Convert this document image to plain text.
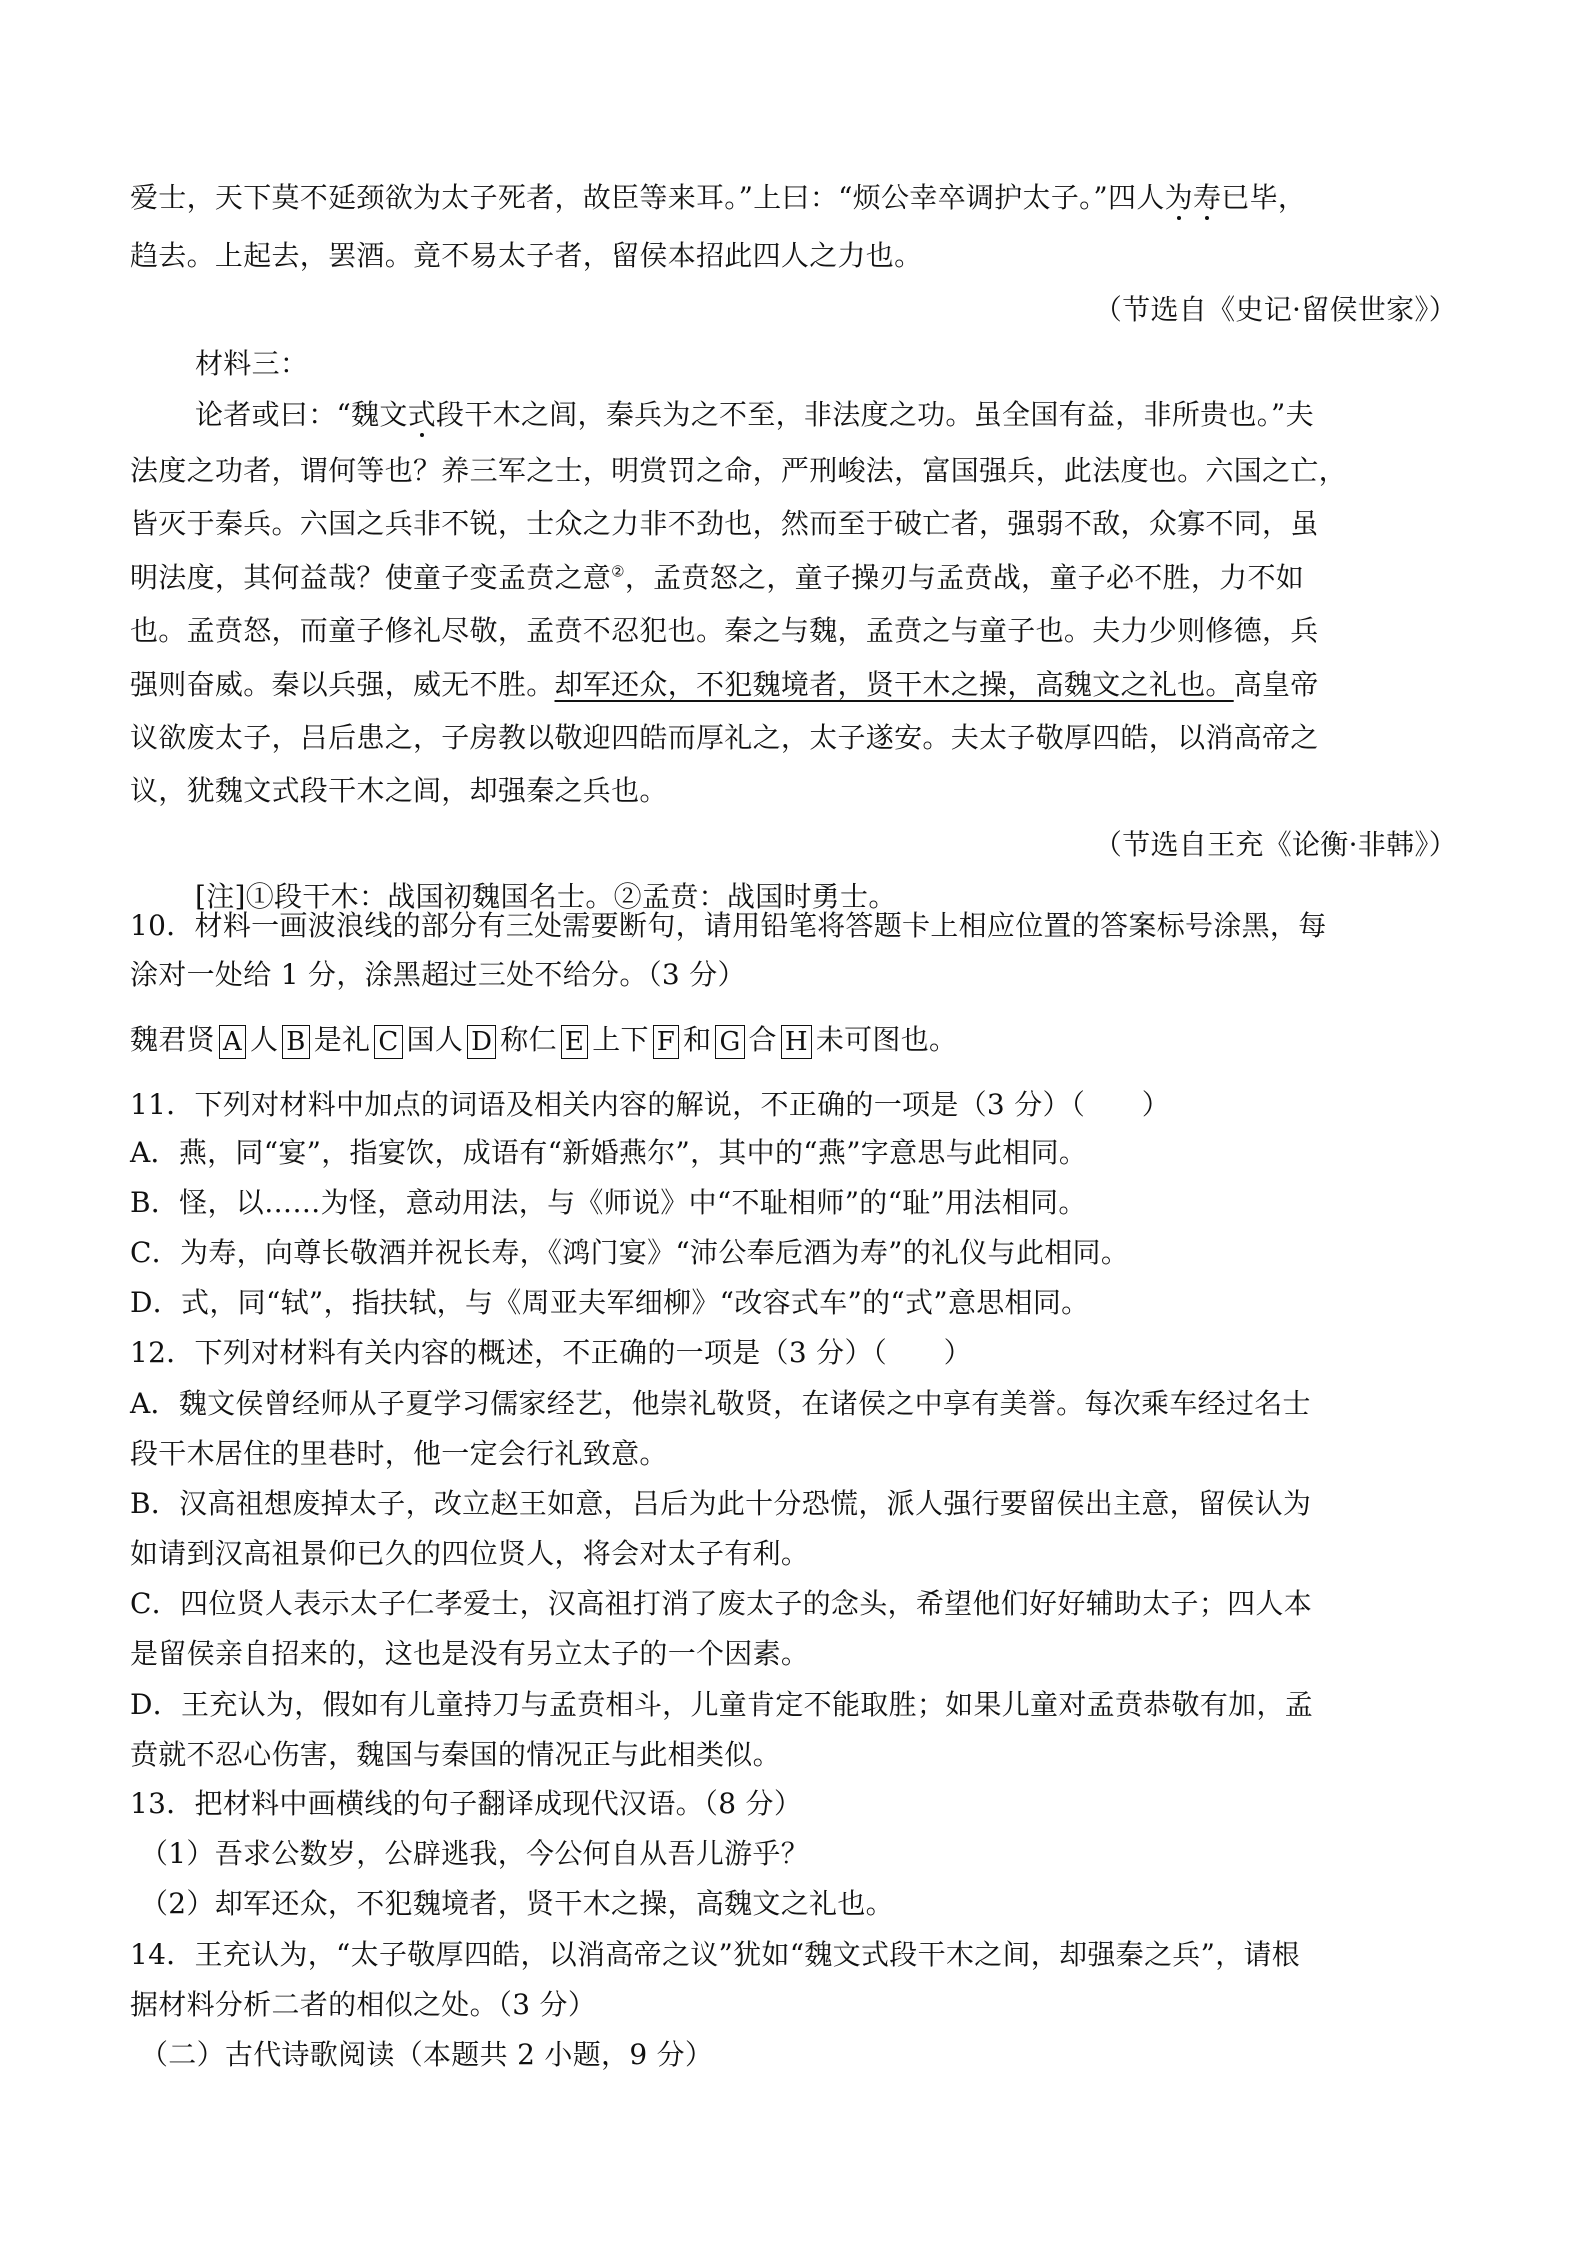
爱士，天下莫不延颈欲为太子死者，故臣等来耳。”上曰：“烦公幸卒调护太子。”四人为寿已毕，
趋去。上起去，罢酒。竟不易太子者，留侯本招此四人之力也。
（节选自《史记·留侯世家》）
材料三：
论者或曰：“魏文式段干木之闾，秦兵为之不至，非法度之功。虽全国有益，非所贵也。”夫
法度之功者，谓何等也？养三军之士，明赏罚之命，严刑峻法，富国强兵，此法度也。六国之亡，
皆灭于秦兵。六国之兵非不锐，士众之力非不劲也，然而至于破亡者，强弱不敌，众寡不同，虽
明法度，其何益哉？使童子变孟贲之意②，孟贲怒之，童子操刃与孟贲战，童子必不胜，力不如
也。孟贲怒，而童子修礼尽敬，孟贲不忍犯也。秦之与魏，孟贲之与童子也。夫力少则修德，兵
强则奋威。秦以兵强，威无不胜。却军还众，不犯魏境者，贤干木之操，高魏文之礼也。高皇帝
议欲废太子，吕后患之，子房教以敬迎四皓而厚礼之，太子遂安。夫太子敬厚四皓，以消高帝之
议，犹魏文式段干木之闾，却强秦之兵也。
（节选自王充《论衡·非韩》）
[注]①段干木：战国初魏国名士。②孟贲：战国时勇士。
10．材料一画波浪线的部分有三处需要断句，请用铅笔将答题卡上相应位置的答案标号涂黑，每
涂对一处给 1 分，涂黑超过三处不给分。（3 分）
魏君贤 A 人 B 是礼 C 国人 D 称仁 E 上下 F 和 G 合 H 未可图也。
11．下列对材料中加点的词语及相关内容的解说，不正确的一项是（3 分）（　　）
A．燕，同“宴”，指宴饮，成语有“新婚燕尔”，其中的“燕”字意思与此相同。
B．怪，以……为怪，意动用法，与《师说》中“不耻相师”的“耻”用法相同。
C．为寿，向尊长敬酒并祝长寿，《鸿门宴》“沛公奉卮酒为寿”的礼仪与此相同。
D．式，同“轼”，指扶轼，与《周亚夫军细柳》“改容式车”的“式”意思相同。
12．下列对材料有关内容的概述，不正确的一项是（3 分）（　　）
A．魏文侯曾经师从子夏学习儒家经艺，他崇礼敬贤，在诸侯之中享有美誉。每次乘车经过名士
段干木居住的里巷时，他一定会行礼致意。
B．汉高祖想废掉太子，改立赵王如意，吕后为此十分恐慌，派人强行要留侯出主意，留侯认为
如请到汉高祖景仰已久的四位贤人，将会对太子有利。
C．四位贤人表示太子仁孝爱士，汉高祖打消了废太子的念头，希望他们好好辅助太子；四人本
是留侯亲自招来的，这也是没有另立太子的一个因素。
D．王充认为，假如有儿童持刀与孟贲相斗，儿童肯定不能取胜；如果儿童对孟贲恭敬有加，孟
贲就不忍心伤害，魏国与秦国的情况正与此相类似。
13．把材料中画横线的句子翻译成现代汉语。（8 分）
（1）吾求公数岁，公辟逃我，今公何自从吾儿游乎？
（2）却军还众，不犯魏境者，贤干木之操，高魏文之礼也。
14．王充认为，“太子敬厚四皓，以消高帝之议”犹如“魏文式段干木之间，却强秦之兵”，请根
据材料分析二者的相似之处。（3 分）
（二）古代诗歌阅读（本题共 2 小题，9 分）
